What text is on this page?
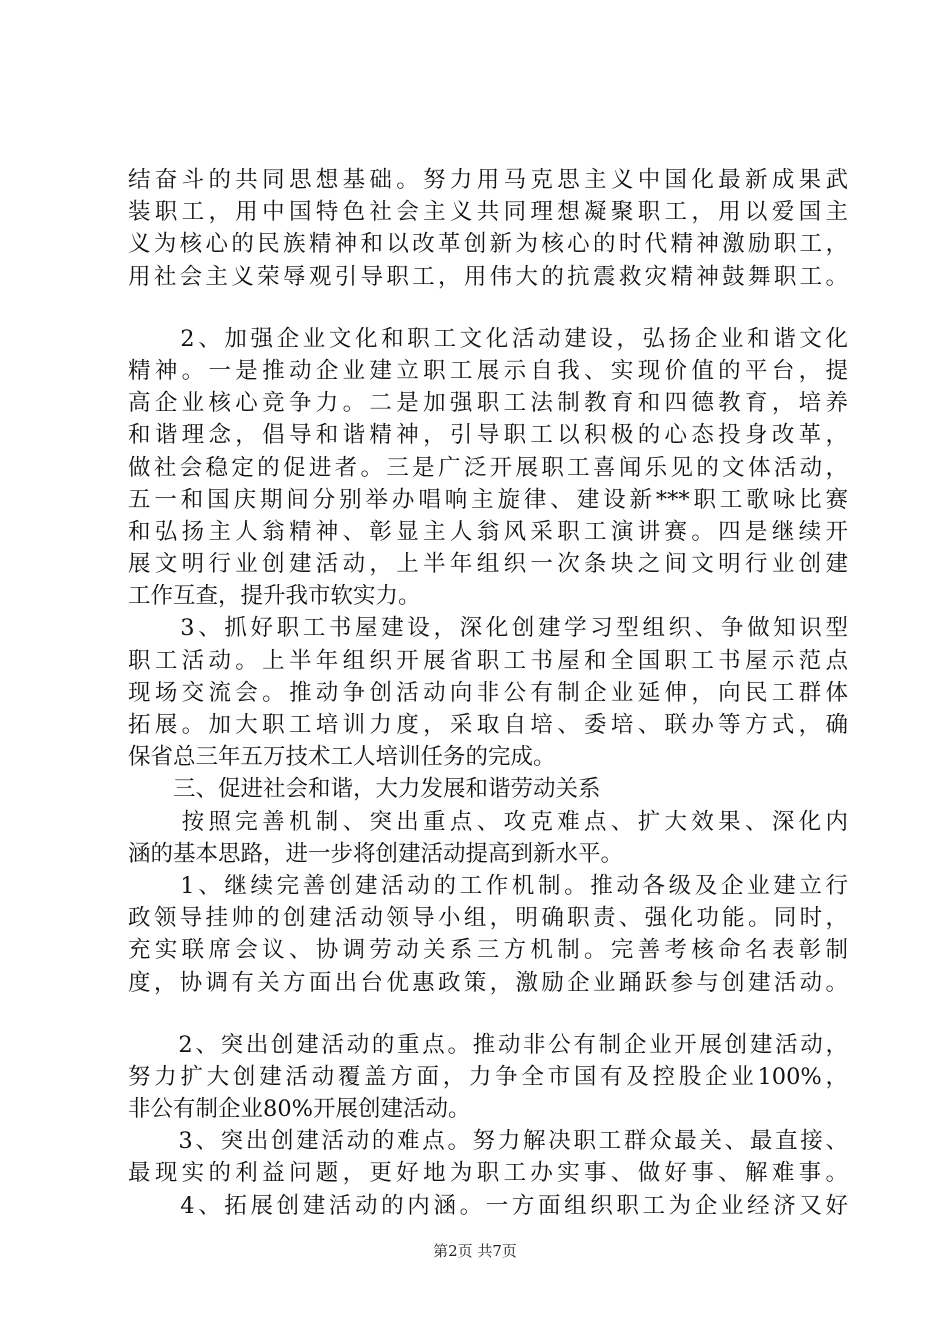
结奋斗的共同思想基础。努力用马克思主义中国化最新成果武
装职工，用中国特色社会主义共同理想凝聚职工，用以爱国主
义为核心的民族精神和以改革创新为核心的时代精神激励职工，
用社会主义荣辱观引导职工，用伟大的抗震救灾精神鼓舞职工。
　　2、加强企业文化和职工文化活动建设，弘扬企业和谐文化
精神。一是推动企业建立职工展示自我、实现价值的平台，提
高企业核心竞争力。二是加强职工法制教育和四德教育，培养
和谐理念，倡导和谐精神，引导职工以积极的心态投身改革，
做社会稳定的促进者。三是广泛开展职工喜闻乐见的文体活动，
五一和国庆期间分别举办唱响主旋律、建设新***职工歌咏比赛
和弘扬主人翁精神、彰显主人翁风采职工演讲赛。四是继续开
展文明行业创建活动，上半年组织一次条块之间文明行业创建
工作互查，提升我市软实力。
　　3、抓好职工书屋建设，深化创建学习型组织、争做知识型
职工活动。上半年组织开展省职工书屋和全国职工书屋示范点
现场交流会。推动争创活动向非公有制企业延伸，向民工群体
拓展。加大职工培训力度，采取自培、委培、联办等方式，确
保省总三年五万技术工人培训任务的完成。
　　三、促进社会和谐，大力发展和谐劳动关系
　　按照完善机制、突出重点、攻克难点、扩大效果、深化内
涵的基本思路，进一步将创建活动提高到新水平。
　　1、继续完善创建活动的工作机制。推动各级及企业建立行
政领导挂帅的创建活动领导小组，明确职责、强化功能。同时，
充实联席会议、协调劳动关系三方机制。完善考核命名表彰制
度，协调有关方面出台优惠政策，激励企业踊跃参与创建活动。
　　2、突出创建活动的重点。推动非公有制企业开展创建活动，
努力扩大创建活动覆盖方面，力争全市国有及控股企业100%，
非公有制企业80%开展创建活动。
　　3、突出创建活动的难点。努力解决职工群众最关、最直接、
最现实的利益问题，更好地为职工办实事、做好事、解难事。
　　4、拓展创建活动的内涵。一方面组织职工为企业经济又好
第2页 共7页
